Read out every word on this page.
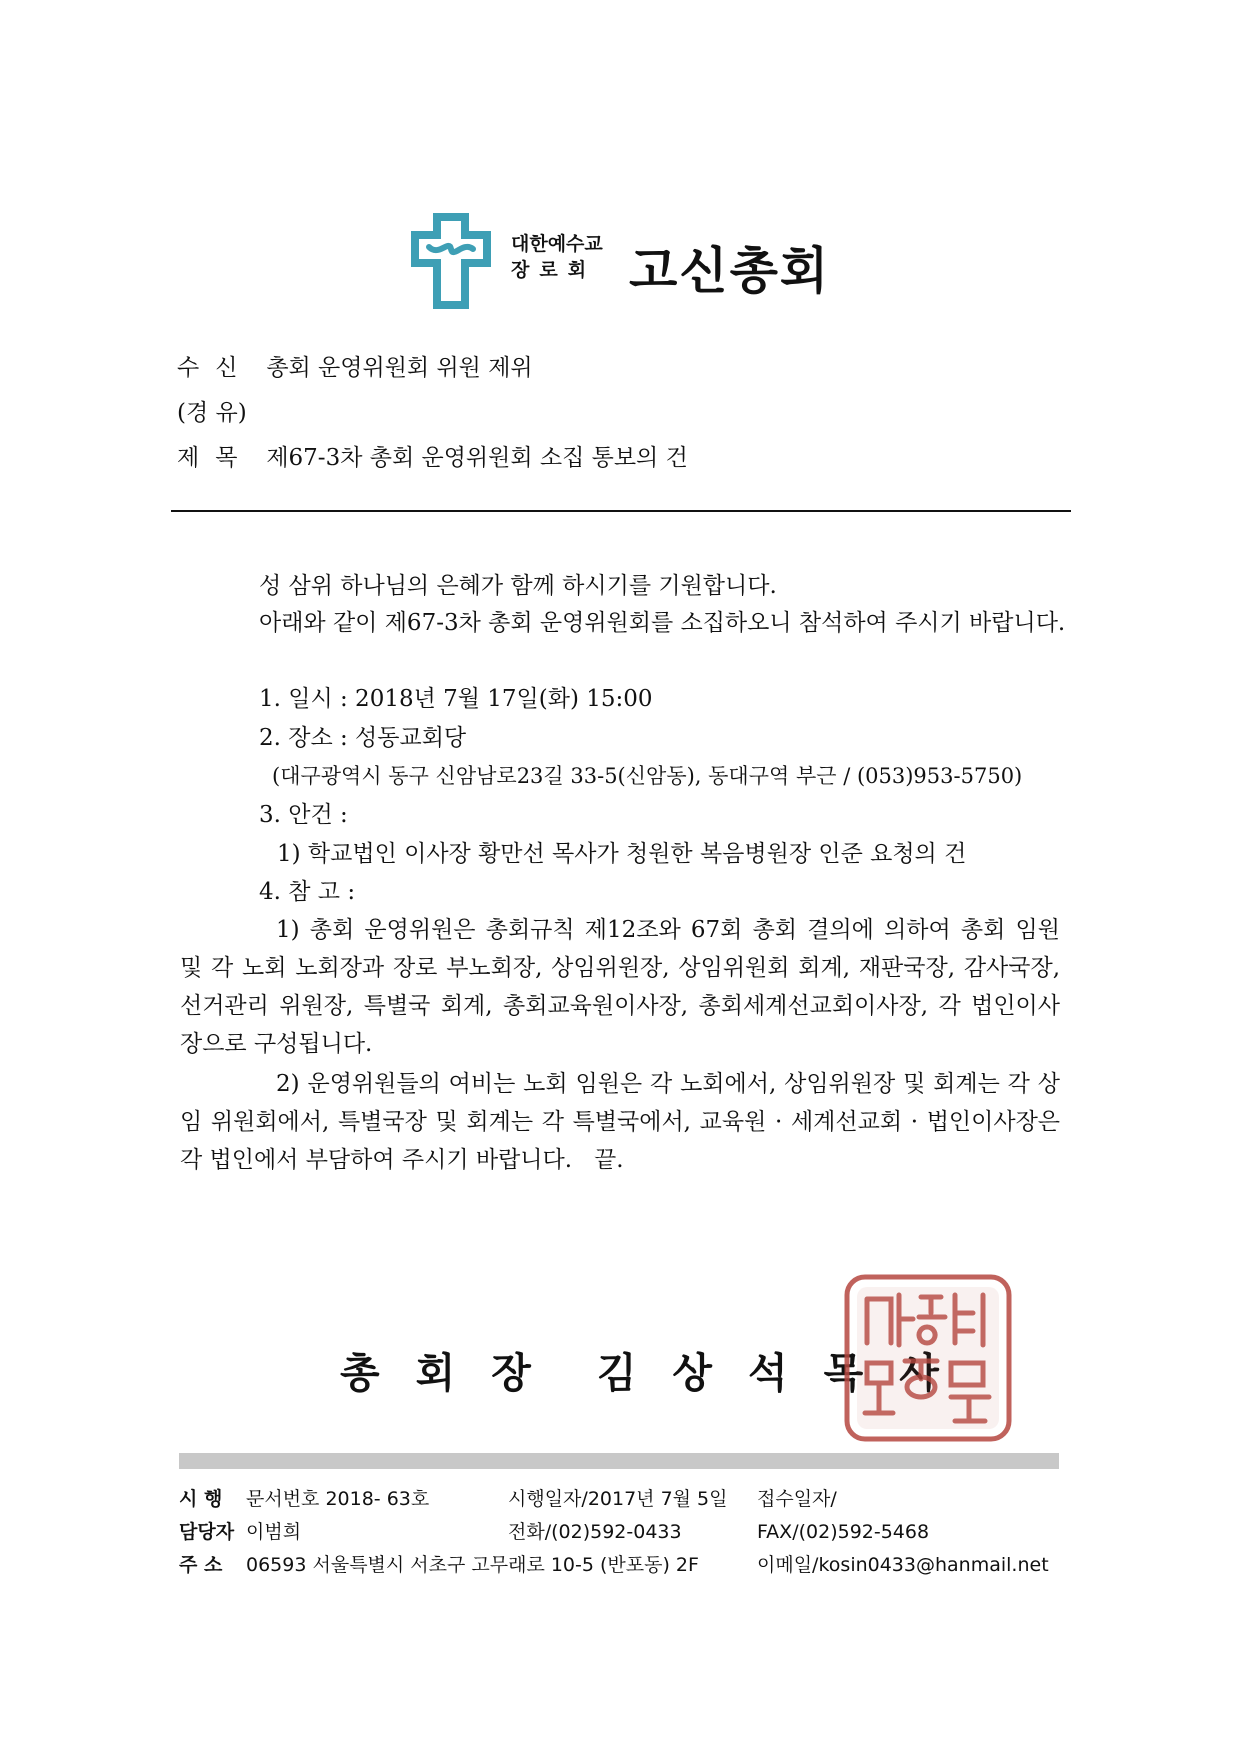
대한예수교
장로회 고신총회
수신 총회 운영위원회 위원 제위
(경 유)
제목 제67-3차 총회 운영위원회 소집 통보의 건
성 삼위 하나님의 은혜가 함께 하시기를 기원합니다.
아래와 같이 제67-3차 총회 운영위원회를 소집하오니 참석하여 주시기 바랍니다.
1. 일시 : 2018년 7월 17일(화) 15:00
2. 장소 : 성동교회당
(대구광역시 동구 신암남로23길 33-5(신암동), 동대구역 부근 / (053)953-5750)
3. 안건 :
1) 학교법인 이사장 황만선 목사가 청원한 복음병원장 인준 요청의 건
4. 참 고 :
1) 총회 운영위원은 총회규칙 제12조와 67회 총회 결의에 의하여 총회 임원 및 각 노회 노회장과 장로 부노회장, 상임위원장, 상임위원회 회계, 재판국장, 감사국장, 선거관리 위원장, 특별국 회계, 총회교육원이사장, 총회세계선교회이사장, 각 법인이사장으로 구성됩니다.
2) 운영위원들의 여비는 노회 임원은 각 노회에서, 상임위원장 및 회계는 각 상임 위원회에서, 특별국장 및 회계는 각 특별국에서, 교육원 · 세계선교회 · 법인이사장은 각 법인에서 부담하여 주시기 바랍니다. 끝.
총회장 김상석목사
시 행 문서번호 2018- 63호	시행일자/2017년 7월 5일 접수일자/
담당자 이범희	전화/(02)592-0433	FAX/(02)592-5468
주 소 06593 서울특별시 서초구 고무래로 10-5 (반포동) 2F	이메일/kosin0433@hanmail.net
